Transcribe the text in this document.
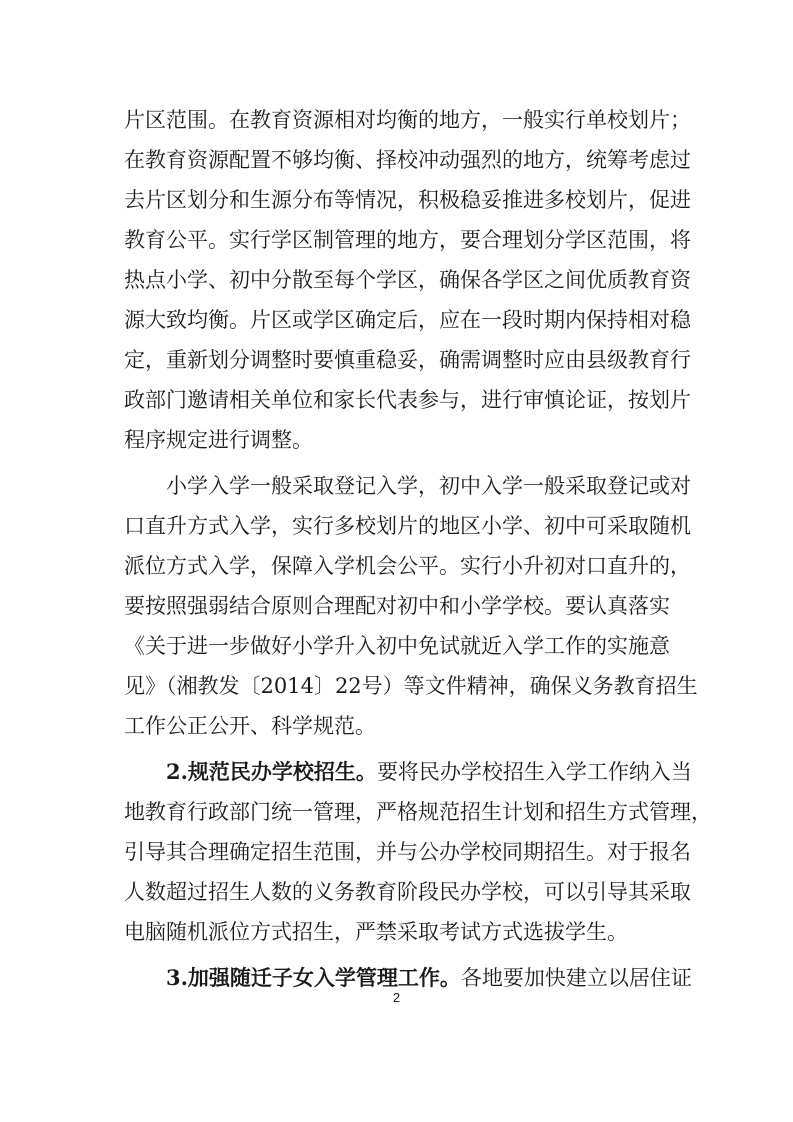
片区范围。在教育资源相对均衡的地方，一般实行单校划片；
在教育资源配置不够均衡、择校冲动强烈的地方，统筹考虑过
去片区划分和生源分布等情况，积极稳妥推进多校划片，促进
教育公平。实行学区制管理的地方，要合理划分学区范围，将
热点小学、初中分散至每个学区，确保各学区之间优质教育资
源大致均衡。片区或学区确定后，应在一段时期内保持相对稳
定，重新划分调整时要慎重稳妥，确需调整时应由县级教育行
政部门邀请相关单位和家长代表参与，进行审慎论证，按划片
程序规定进行调整。
小学入学一般采取登记入学，初中入学一般采取登记或对
口直升方式入学，实行多校划片的地区小学、初中可采取随机
派位方式入学，保障入学机会公平。实行小升初对口直升的，
要按照强弱结合原则合理配对初中和小学学校。要认真落实
《关于进一步做好小学升入初中免试就近入学工作的实施意
见》（湘教发〔2014〕22号）等文件精神，确保义务教育招生
工作公正公开、科学规范。
2.规范民办学校招生。要将民办学校招生入学工作纳入当
地教育行政部门统一管理，严格规范招生计划和招生方式管理，
引导其合理确定招生范围，并与公办学校同期招生。对于报名
人数超过招生人数的义务教育阶段民办学校，可以引导其采取
电脑随机派位方式招生，严禁采取考试方式选拔学生。
3.加强随迁子女入学管理工作。各地要加快建立以居住证
2
